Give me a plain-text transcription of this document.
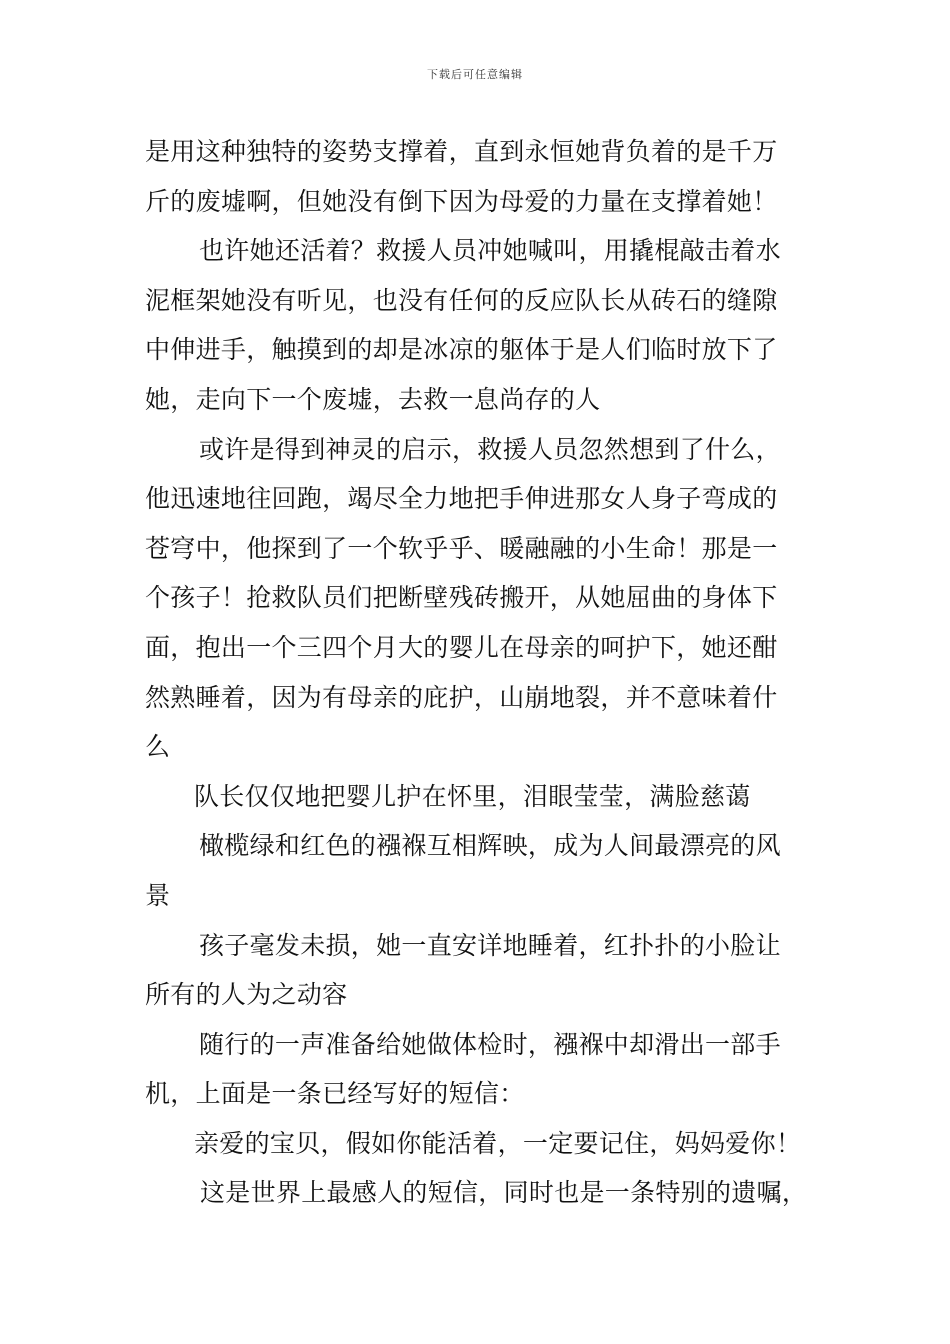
下载后可任意编辑
是用这种独特的姿势支撑着，直到永恒她背负着的是千万
斤的废墟啊，但她没有倒下因为母爱的力量在支撑着她！
也许她还活着？救援人员冲她喊叫，用撬棍敲击着水
泥框架她没有听见，也没有任何的反应队长从砖石的缝隙
中伸进手，触摸到的却是冰凉的躯体于是人们临时放下了
她，走向下一个废墟，去救一息尚存的人
或许是得到神灵的启示，救援人员忽然想到了什么，
他迅速地往回跑，竭尽全力地把手伸进那女人身子弯成的
苍穹中，他探到了一个软乎乎、暖融融的小生命！那是一
个孩子！抢救队员们把断壁残砖搬开，从她屈曲的身体下
面，抱出一个三四个月大的婴儿在母亲的呵护下，她还酣
然熟睡着，因为有母亲的庇护，山崩地裂，并不意味着什
么
队长仅仅地把婴儿护在怀里，泪眼莹莹，满脸慈蔼
橄榄绿和红色的襁褓互相辉映，成为人间最漂亮的风
景
孩子毫发未损，她一直安详地睡着，红扑扑的小脸让
所有的人为之动容
随行的一声准备给她做体检时，襁褓中却滑出一部手
机，上面是一条已经写好的短信：
亲爱的宝贝，假如你能活着，一定要记住，妈妈爱你！
这是世界上最感人的短信，同时也是一条特别的遗嘱，
